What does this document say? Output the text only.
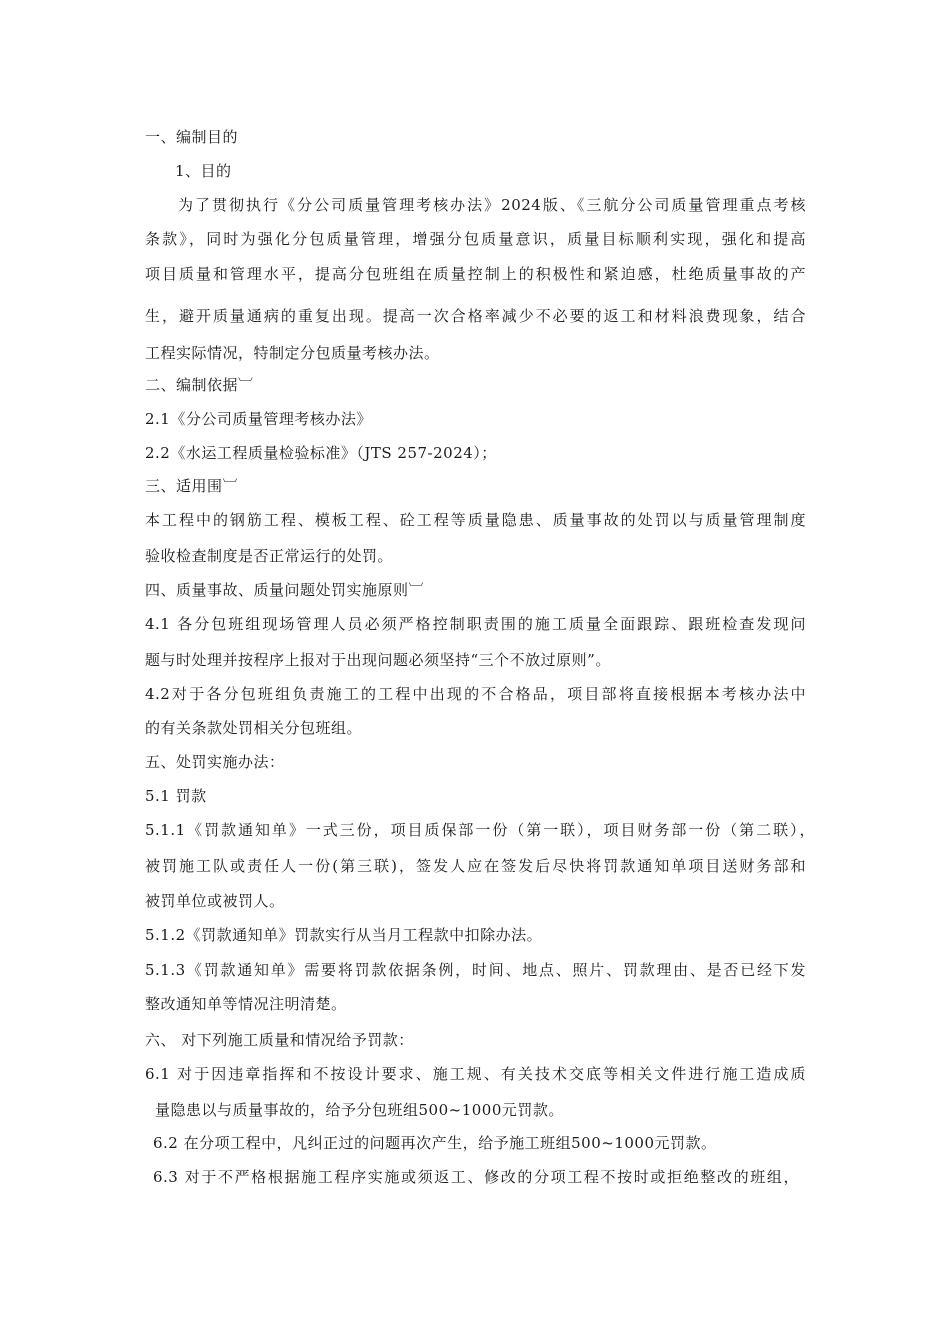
一、编制目的
1、目的
为了贯彻执行《分公司质量管理考核办法》2024版、《三航分公司质量管理重点考核
条款》，同时为强化分包质量管理，增强分包质量意识，质量目标顺利实现，强化和提高
项目质量和管理水平，提高分包班组在质量控制上的积极性和紧迫感，杜绝质量事故的产
生，避开质量通病的重复出现。提高一次合格率减少不必要的返工和材料浪费现象，结合
工程实际情况，特制定分包质量考核办法。
二、编制依据︺
2.1《分公司质量管理考核办法》
2.2《水运工程质量检验标准》（JTS 257-2024）；
三、适用围︺
本工程中的钢筋工程、模板工程、砼工程等质量隐患、质量事故的处罚以与质量管理制度
验收检查制度是否正常运行的处罚。
四、质量事故、质量问题处罚实施原则︺
4.1 各分包班组现场管理人员必须严格控制职责围的施工质量全面跟踪、跟班检查发现问
题与时处理并按程序上报对于出现问题必须坚持“三个不放过原则”。
4.2对于各分包班组负责施工的工程中出现的不合格品，项目部将直接根据本考核办法中
的有关条款处罚相关分包班组。
五、处罚实施办法：
5.1 罚款
5.1.1《罚款通知单》一式三份，项目质保部一份（第一联），项目财务部一份（第二联），
被罚施工队或责任人一份(第三联)，签发人应在签发后尽快将罚款通知单项目送财务部和
被罚单位或被罚人。
5.1.2《罚款通知单》罚款实行从当月工程款中扣除办法。
5.1.3《罚款通知单》需要将罚款依据条例，时间、地点、照片、罚款理由、是否已经下发
整改通知单等情况注明清楚。
六、 对下列施工质量和情况给予罚款：
6.1 对于因违章指挥和不按设计要求、施工规、有关技术交底等相关文件进行施工造成质
量隐患以与质量事故的，给予分包班组500~1000元罚款。
6.2 在分项工程中，凡纠正过的问题再次产生，给予施工班组500~1000元罚款。
6.3 对于不严格根据施工程序实施或须返工、修改的分项工程不按时或拒绝整改的班组，
